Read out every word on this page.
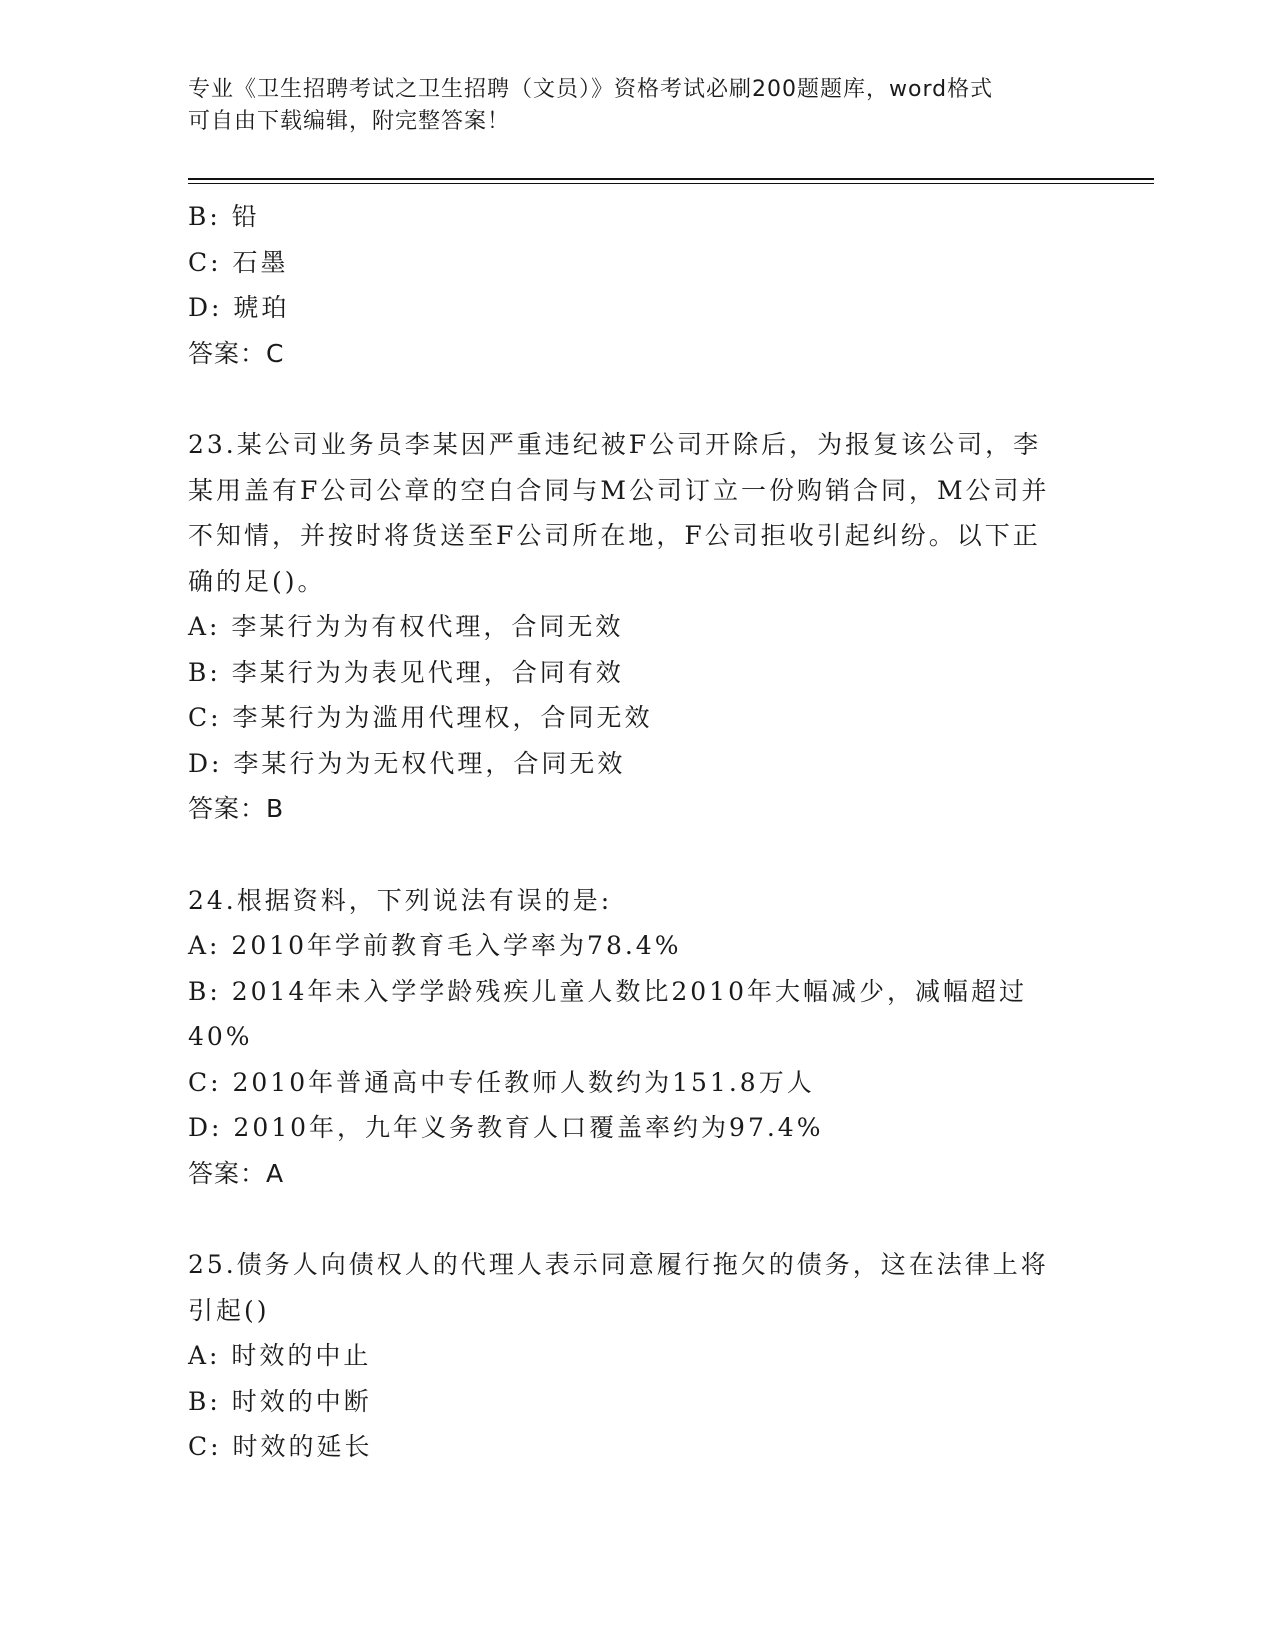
专业《卫生招聘考试之卫生招聘（文员）》资格考试必刷200题题库，word格式
可自由下载编辑，附完整答案！
B: 铅
C: 石墨
D: 琥珀
答案：C
23.某公司业务员李某因严重违纪被F公司开除后，为报复该公司，李
某用盖有F公司公章的空白合同与M公司订立一份购销合同，M公司并
不知情，并按时将货送至F公司所在地，F公司拒收引起纠纷。以下正
确的足()。
A: 李某行为为有权代理，合同无效
B: 李某行为为表见代理，合同有效
C: 李某行为为滥用代理权，合同无效
D: 李某行为为无权代理，合同无效
答案：B
24.根据资料，下列说法有误的是:
A: 2010年学前教育毛入学率为78.4%
B: 2014年未入学学龄残疾儿童人数比2010年大幅减少，减幅超过
40%
C: 2010年普通高中专任教师人数约为151.8万人
D: 2010年，九年义务教育人口覆盖率约为97.4%
答案：A
25.债务人向债权人的代理人表示同意履行拖欠的债务，这在法律上将
引起()
A: 时效的中止
B: 时效的中断
C: 时效的延长
